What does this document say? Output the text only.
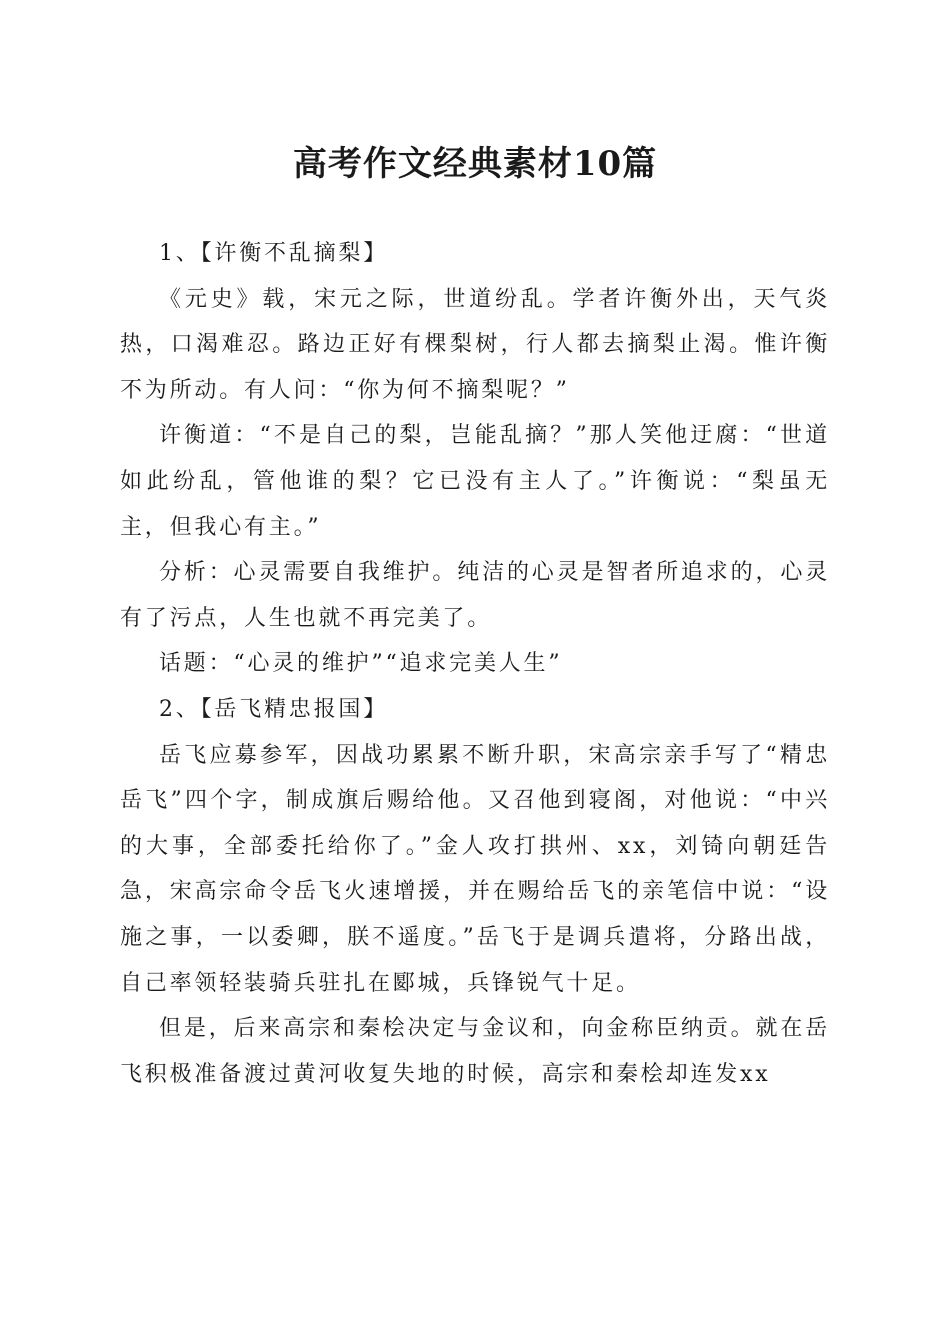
高考作文经典素材10篇

1、【许衡不乱摘梨】

《元史》载，宋元之际，世道纷乱。学者许衡外出，天气炎热，口渴难忍。路边正好有棵梨树，行人都去摘梨止渴。惟许衡不为所动。有人问：“你为何不摘梨呢？”

许衡道：“不是自己的梨，岂能乱摘？”那人笑他迂腐：“世道如此纷乱，管他谁的梨？它已没有主人了。”许衡说：“梨虽无主，但我心有主。”

分析：心灵需要自我维护。纯洁的心灵是智者所追求的，心灵有了污点，人生也就不再完美了。

话题：“心灵的维护”“追求完美人生”

2、【岳飞精忠报国】

岳飞应募参军，因战功累累不断升职，宋高宗亲手写了“精忠岳飞”四个字，制成旗后赐给他。又召他到寝阁，对他说：“中兴的大事，全部委托给你了。”金人攻打拱州、xx，刘锜向朝廷告急，宋高宗命令岳飞火速增援，并在赐给岳飞的亲笔信中说：“设施之事，一以委卿，朕不遥度。”岳飞于是调兵遣将，分路出战，自己率领轻装骑兵驻扎在郾城，兵锋锐气十足。

但是，后来高宗和秦桧决定与金议和，向金称臣纳贡。就在岳飞积极准备渡过黄河收复失地的时候，高宗和秦桧却连发xx
